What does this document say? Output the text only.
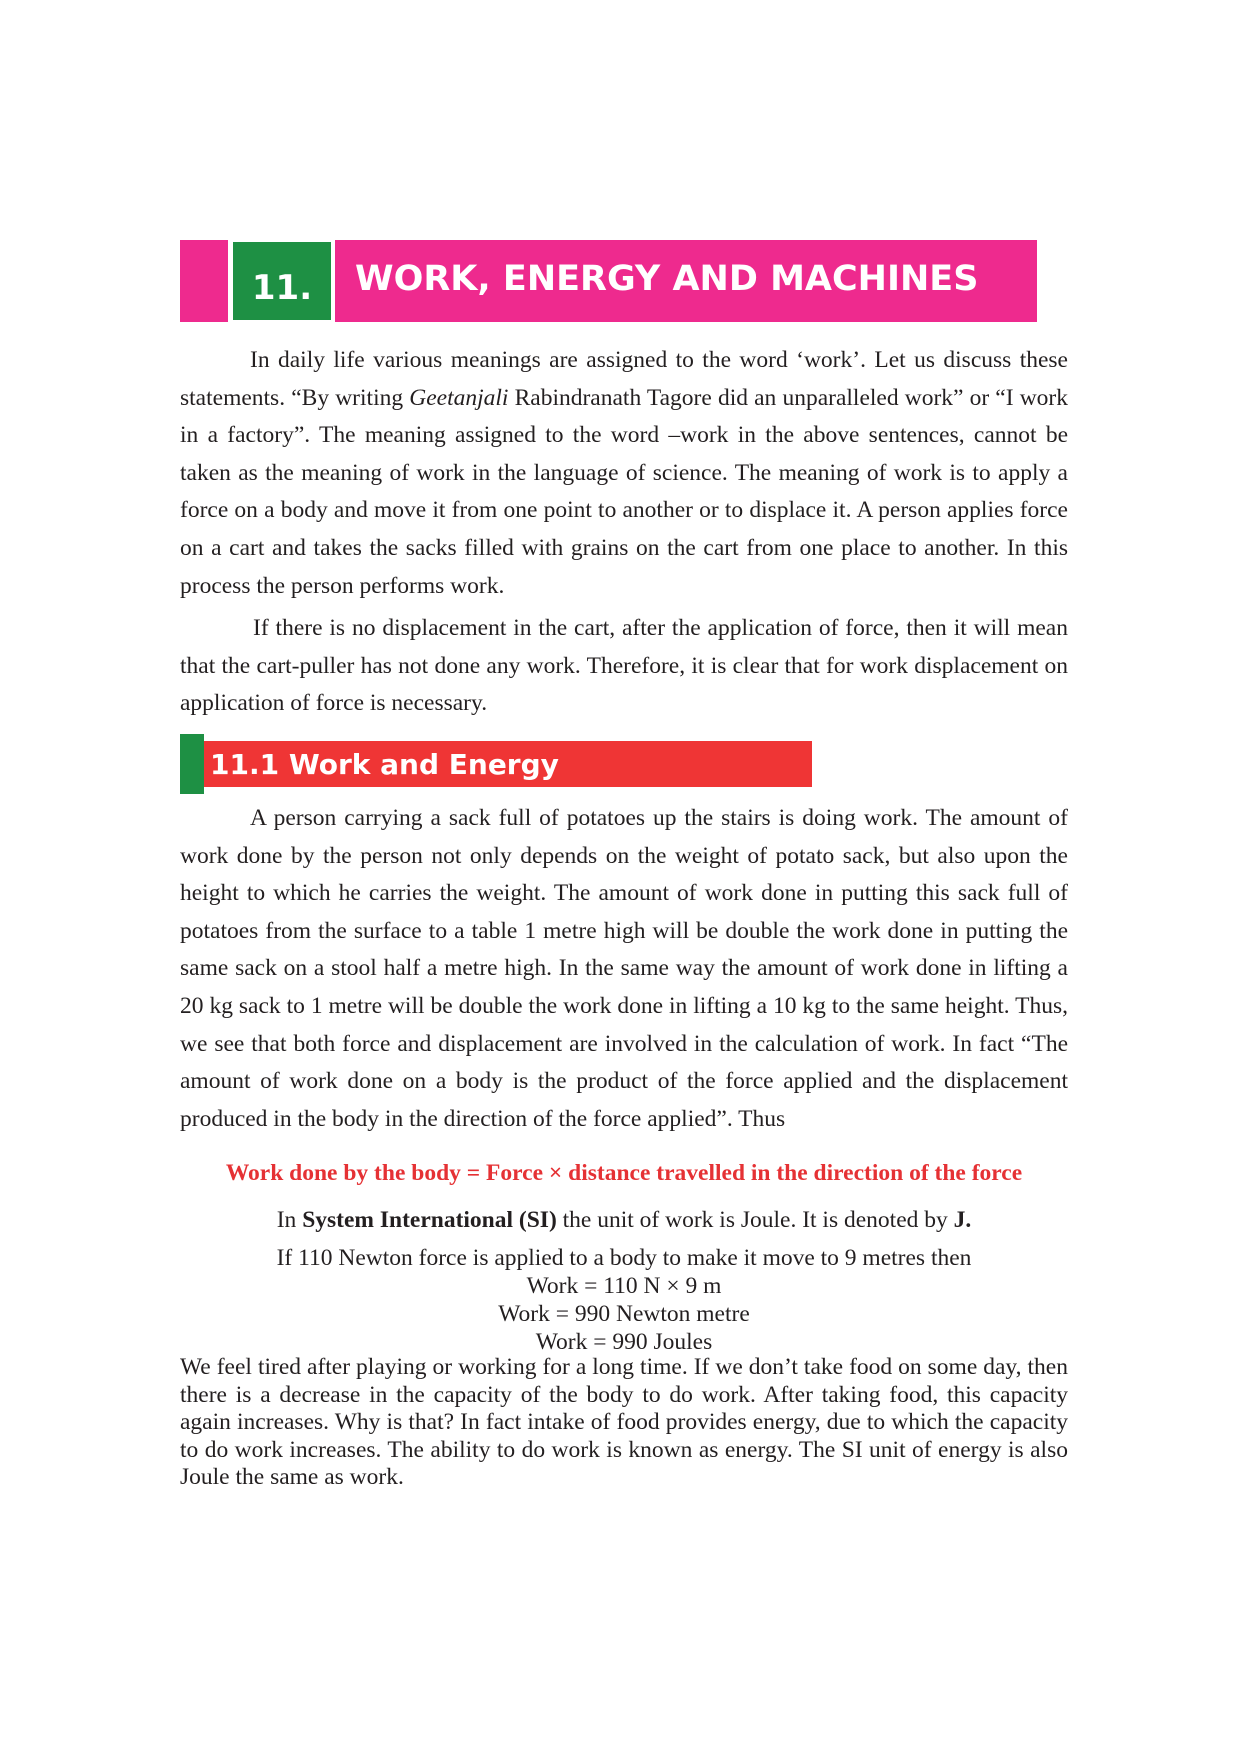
11.	WORK, ENERGY AND MACHINES

In daily life various meanings are assigned to the word ‘work’. Let us discuss these statements. “By writing Geetanjali Rabindranath Tagore did an unparalleled work” or “I work in a factory”. The meaning assigned to the word –work in the above sentences, cannot be taken as the meaning of work in the language of science. The meaning of work is to apply a force on a body and move it from one point to another or to displace it. A person applies force on a cart and takes the sacks filled with grains on the cart from one place to another. In this process the person performs work.

If there is no displacement in the cart, after the application of force, then it will mean that the cart-puller has not done any work. Therefore, it is clear that for work displacement on application of force is necessary.

11.1 Work and Energy

A person carrying a sack full of potatoes up the stairs is doing work. The amount of work done by the person not only depends on the weight of potato sack, but also upon the height to which he carries the weight. The amount of work done in putting this sack full of potatoes from the surface to a table 1 metre high will be double the work done in putting the same sack on a stool half a metre high. In the same way the amount of work done in lifting a 20 kg sack to 1 metre will be double the work done in lifting a 10 kg to the same height. Thus, we see that both force and displacement are involved in the calculation of work. In fact “The amount of work done on a body is the product of the force applied and the displacement produced in the body in the direction of the force applied”. Thus

Work done by the body = Force × distance travelled in the direction of the force
In System International (SI) the unit of work is Joule. It is denoted by J.
If 110 Newton force is applied to a body to make it move to 9 metres then
Work = 110 N × 9 m
Work = 990 Newton metre
Work = 990 Joules

We feel tired after playing or working for a long time. If we don’t take food on some day, then there is a decrease in the capacity of the body to do work. After taking food, this capacity again increases. Why is that? In fact intake of food provides energy, due to which the capacity to do work increases. The ability to do work is known as energy. The SI unit of energy is also Joule the same as work.
